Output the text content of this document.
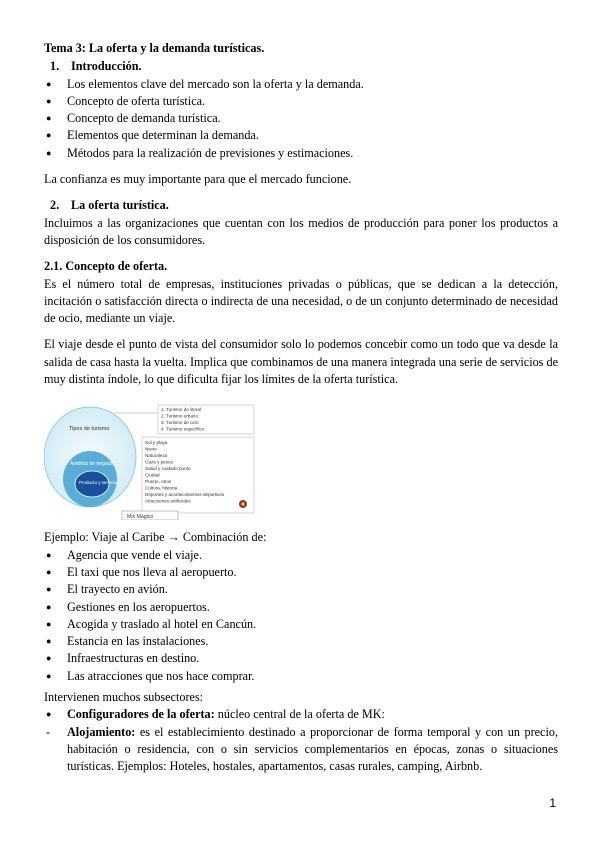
Tema 3: La oferta y la demanda turísticas.

1. Introducción.
●	Los elementos clave del mercado son la oferta y la demanda.
●	Concepto de oferta turística.
●	Concepto de demanda turística.
●	Elementos que determinan la demanda.
●	Métodos para la realización de previsiones y estimaciones.

La confianza es muy importante para que el mercado funcione.

2. La oferta turística.

Incluimos a las organizaciones que cuentan con los medios de producción para poner los productos a disposición de los consumidores.

2.1. Concepto de oferta.

Es el número total de empresas, instituciones privadas o públicas, que se dedican a la detección, incitación o satisfacción directa o indirecta de una necesidad, o de un conjunto determinado de necesidad de ocio, mediante un viaje.

El viaje desde el punto de vista del consumidor solo lo podemos concebir como un todo que va desde la salida de casa hasta la vuelta. Implica que combinamos de una manera integrada una serie de servicios de muy distinta índole, lo que dificulta fijar los límites de la oferta turística.

Tipos de turismo
Ámbitos de negocio
Producto y servicio
1. Turismo de litoral
2. Turismo urbano
3. Turismo de ocio
4. Turismo específico
Sol y playa
Nieve
Naturaleza
Caza y pesca
Salud y cuidado punto
Ciudad
Puerto, otros
Cultura, historia
Deportes y acontecimientos deportivos
Atracciones artificiales
Mix Mágico

Ejemplo: Viaje al Caribe → Combinación de:

●	Agencia que vende el viaje.
●	El taxi que nos lleva al aeropuerto.
●	El trayecto en avión.
●	Gestiones en los aeropuertos.
●	Acogida y traslado al hotel en Cancún.
●	Estancia en las instalaciones.
●	Infraestructuras en destino.
●	Las atracciones que nos hace comprar.

Intervienen muchos subsectores:

●	Configuradores de la oferta: núcleo central de la oferta de MK:
-	Alojamiento: es el establecimiento destinado a proporcionar de forma temporal y con un precio, habitación o residencia, con o sin servicios complementarios en épocas, zonas o situaciones turísticas. Ejemplos: Hoteles, hostales, apartamentos, casas rurales, camping, Airbnb.
1
